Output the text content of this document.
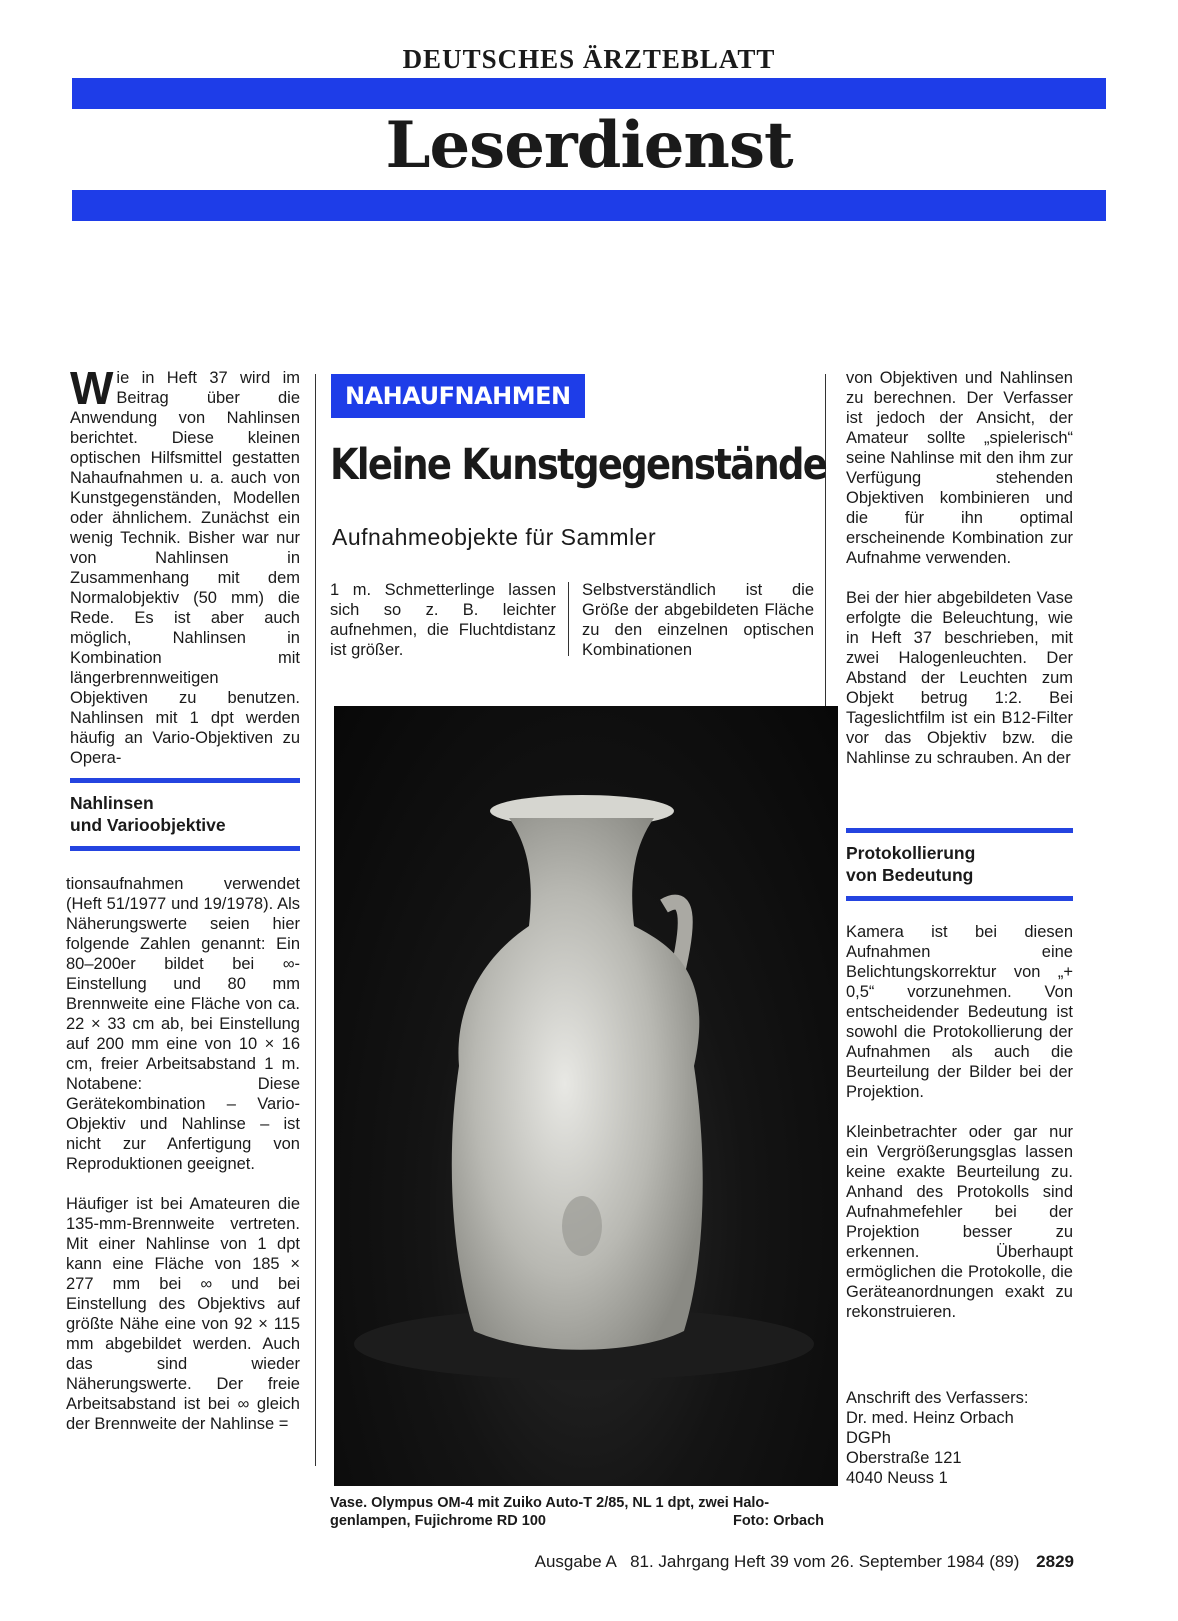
DEUTSCHES ÄRZTEBLATT
Leserdienst
Wie in Heft 37 wird im Beitrag über die Anwendung von Nahlinsen berichtet. Diese kleinen optischen Hilfsmittel gestatten Nahaufnahmen u. a. auch von Kunstgegenständen, Modellen oder ähnlichem. Zunächst ein wenig Technik. Bisher war nur von Nahlinsen in Zusammenhang mit dem Normalobjektiv (50 mm) die Rede. Es ist aber auch möglich, Nahlinsen in Kombination mit längerbrennweitigen Objektiven zu benutzen. Nahlinsen mit 1 dpt werden häufig an Vario-Objektiven zu Opera-
Nahlinsen
und Varioobjektive

tionsaufnahmen verwendet (Heft 51/1977 und 19/1978). Als Näherungswerte seien hier folgende Zahlen genannt: Ein 80–200er bildet bei ∞-Einstellung und 80 mm Brennweite eine Fläche von ca. 22 × 33 cm ab, bei Einstellung auf 200 mm eine von 10 × 16 cm, freier Arbeitsabstand 1 m. Notabene: Diese Gerätekombination – Vario-Objektiv und Nahlinse – ist nicht zur Anfertigung von Reproduktionen geeignet.

Häufiger ist bei Amateuren die 135-mm-Brennweite vertreten. Mit einer Nahlinse von 1 dpt kann eine Fläche von 185 × 277 mm bei ∞ und bei Einstellung des Objektivs auf größte Nähe eine von 92 × 115 mm abgebildet werden. Auch das sind wieder Näherungswerte. Der freie Arbeitsabstand ist bei ∞ gleich der Brennweite der Nahlinse =

NAHAUFNAHMEN
Kleine Kunstgegenstände
Aufnahmeobjekte für Sammler
1 m. Schmetterlinge lassen sich so z. B. leichter aufnehmen, die Fluchtdistanz ist größer.
Selbstverständlich ist die Größe der abgebildeten Fläche zu den einzelnen optischen Kombinationen
Vase. Olympus OM-4 mit Zuiko Auto-T 2/85, NL 1 dpt, zwei Halo-
genlampen, Fujichrome RD 100	Foto: Orbach

von Objektiven und Nahlinsen zu berechnen. Der Verfasser ist jedoch der Ansicht, der Amateur sollte „spielerisch“ seine Nahlinse mit den ihm zur Verfügung stehenden Objektiven kombinieren und die für ihn optimal erscheinende Kombination zur Aufnahme verwenden.

Bei der hier abgebildeten Vase erfolgte die Beleuchtung, wie in Heft 37 beschrieben, mit zwei Halogenleuchten. Der Abstand der Leuchten zum Objekt betrug 1:2. Bei Tageslichtfilm ist ein B12-Filter vor das Objektiv bzw. die Nahlinse zu schrauben. An der

Protokollierung
von Bedeutung

Kamera ist bei diesen Aufnahmen eine Belichtungskorrektur von „+ 0,5“ vorzunehmen. Von entscheidender Bedeutung ist sowohl die Protokollierung der Aufnahmen als auch die Beurteilung der Bilder bei der Projektion.

Kleinbetrachter oder gar nur ein Vergrößerungsglas lassen keine exakte Beurteilung zu. Anhand des Protokolls sind Aufnahmefehler bei der Projektion besser zu erkennen. Überhaupt ermöglichen die Protokolle, die Geräteanordnungen exakt zu rekonstruieren.

Anschrift des Verfassers:
Dr. med. Heinz Orbach
DGPh
Oberstraße 121
4040 Neuss 1
Ausgabe A   81. Jahrgang Heft 39 vom 26. September 1984 (89) 2829
